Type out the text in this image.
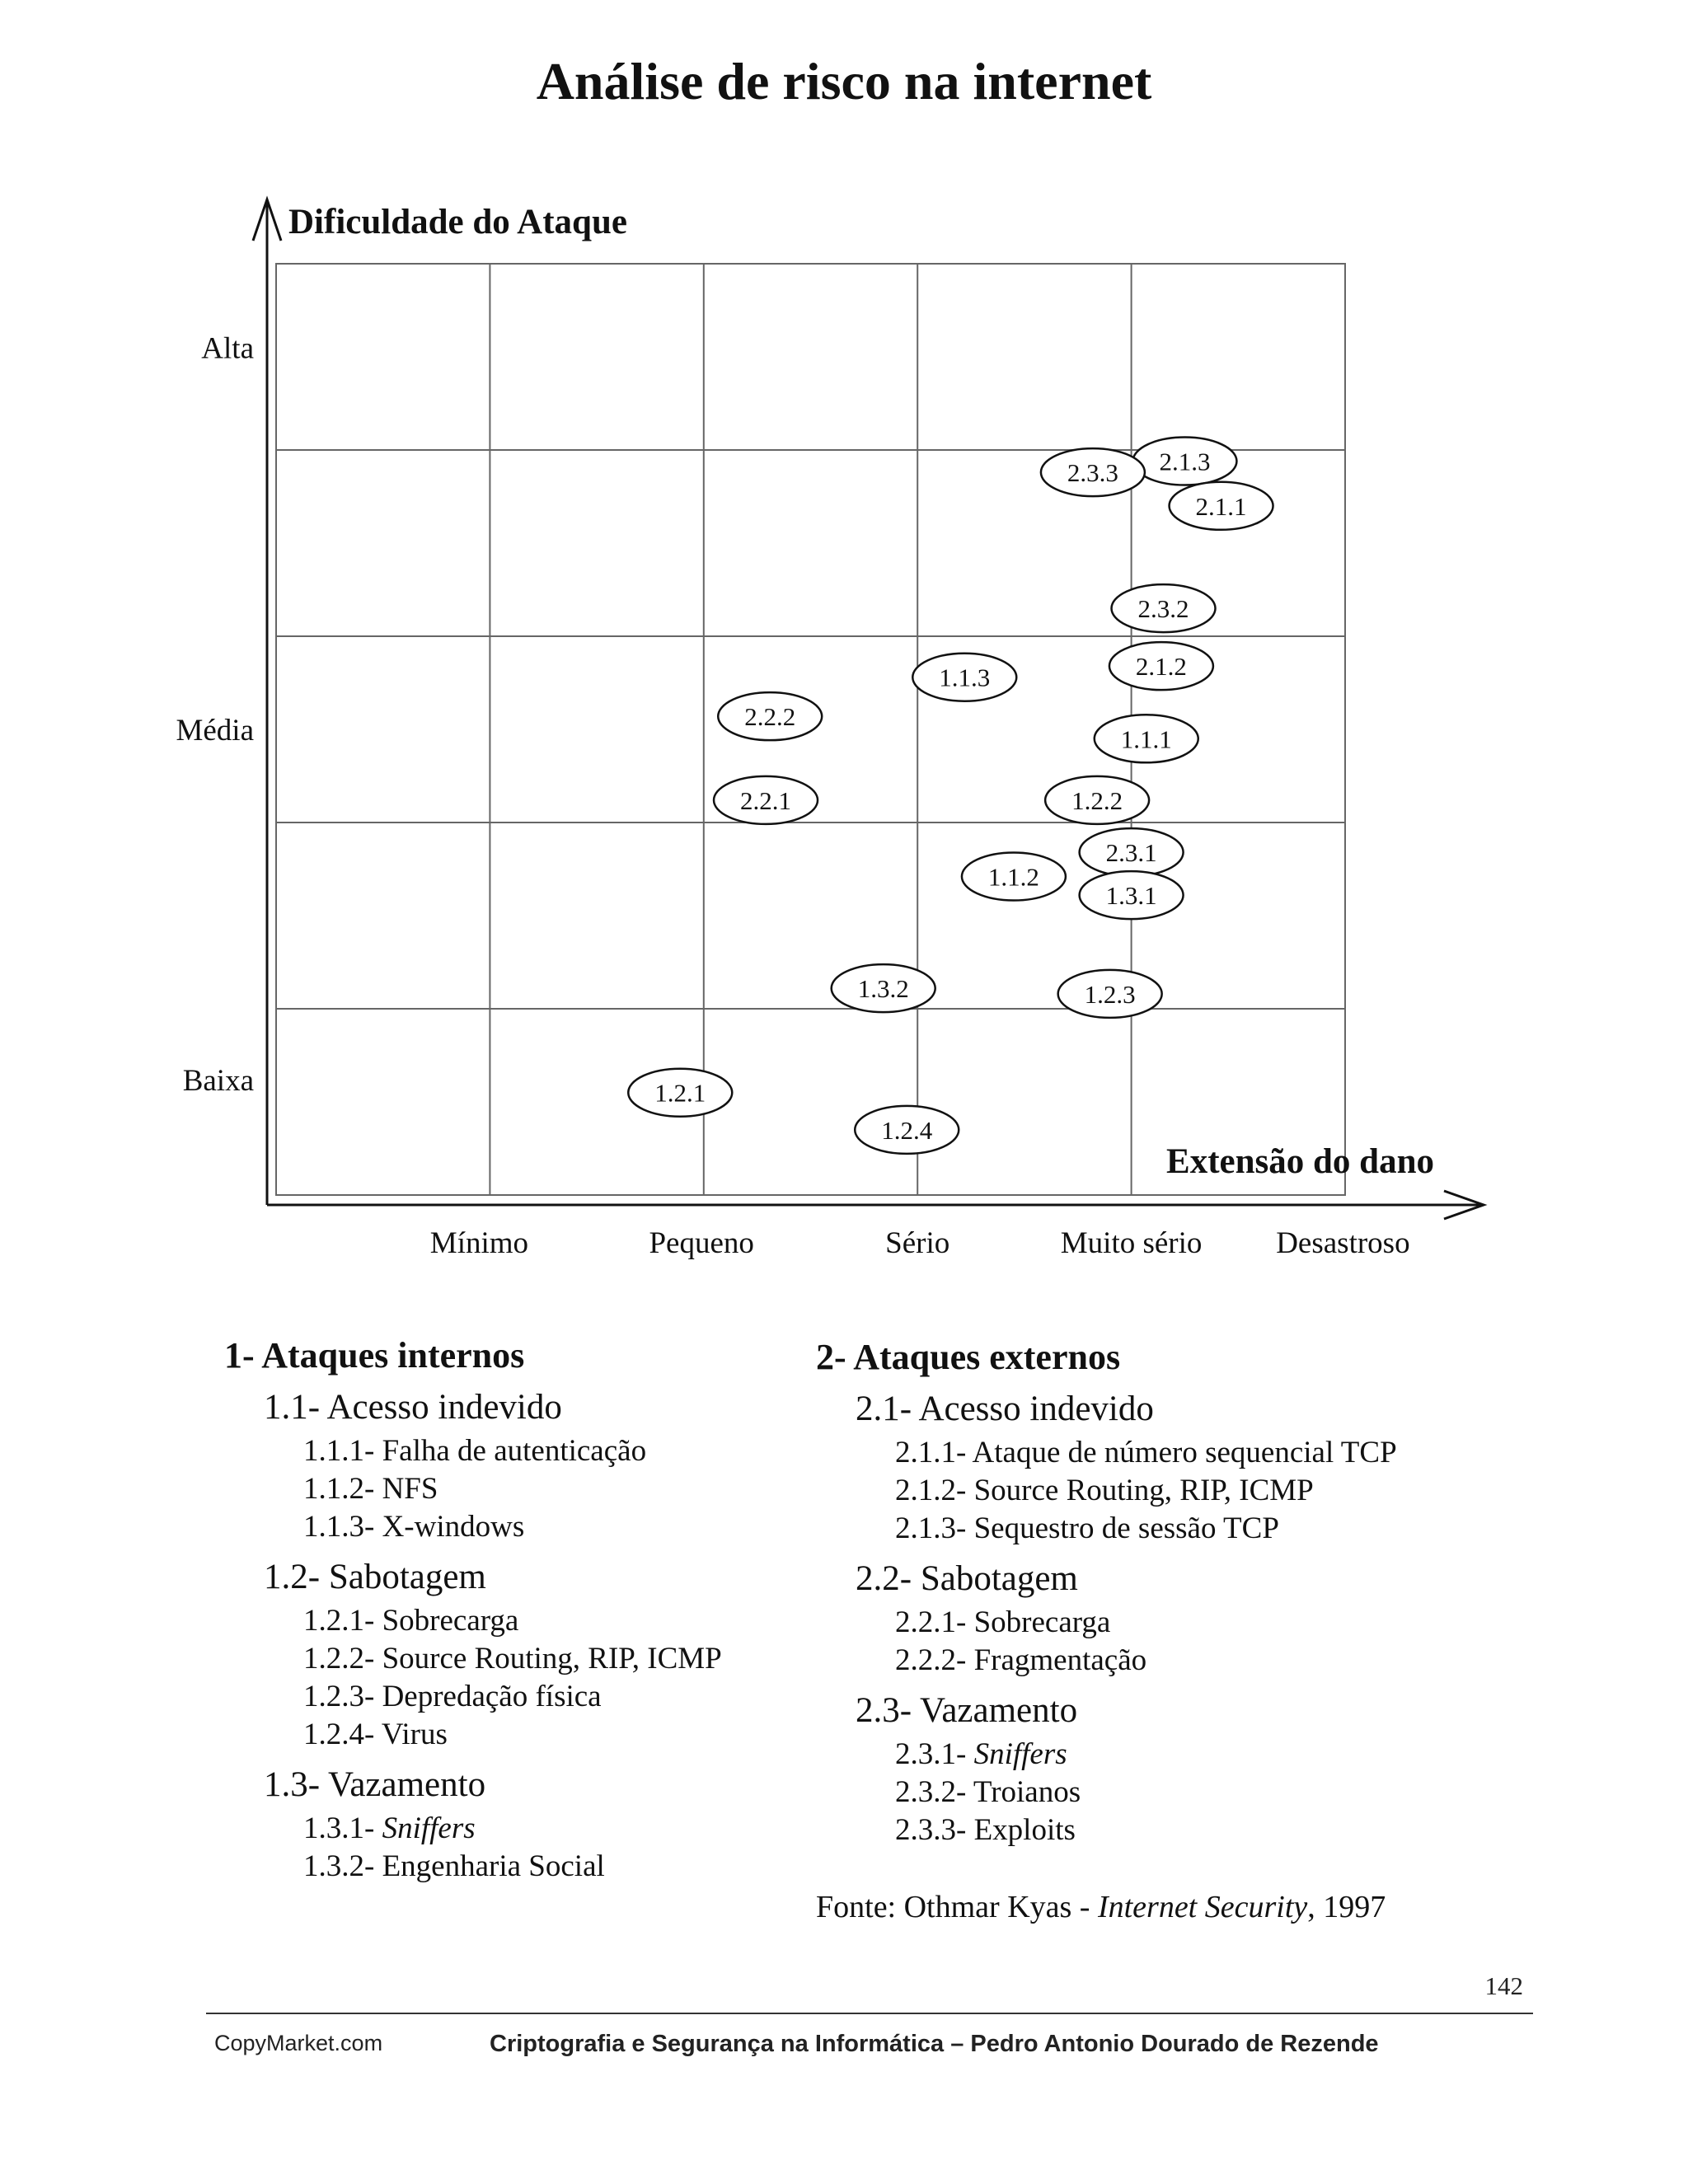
Análise de risco na internet
Dificuldade do Ataque
Extensão do dano
Baixa
Média
Alta
Mínimo	Pequeno	Sério	Muito sério Desastroso
2.1.3
2.3.3
2.1.1
2.3.2
2.1.2
1.1.3
2.2.2
1.1.1
2.2.1	1.2.2
2.3.1
1.1.2
1.3.1
1.3.2	1.2.3
1.2.1
1.2.4
1- Ataques internos
1.1- Acesso indevido
1.1.1- Falha de autenticação
1.1.2- NFS
1.1.3- X-windows
1.2- Sabotagem
1.2.1- Sobrecarga
1.2.2- Source Routing, RIP, ICMP
1.2.3- Depredação física
1.2.4- Virus
1.3- Vazamento
1.3.1- Sniffers
1.3.2- Engenharia Social
2- Ataques externos
2.1- Acesso indevido
2.1.1- Ataque de número sequencial TCP
2.1.2- Source Routing, RIP, ICMP
2.1.3- Sequestro de sessão TCP
2.2- Sabotagem
2.2.1- Sobrecarga
2.2.2- Fragmentação
2.3- Vazamento
2.3.1- Sniffers
2.3.2- Troianos
2.3.3- Exploits
Fonte: Othmar Kyas - Internet Security, 1997
142
CopyMarket.com	Criptografia e Segurança na Informática – Pedro Antonio Dourado de Rezende
